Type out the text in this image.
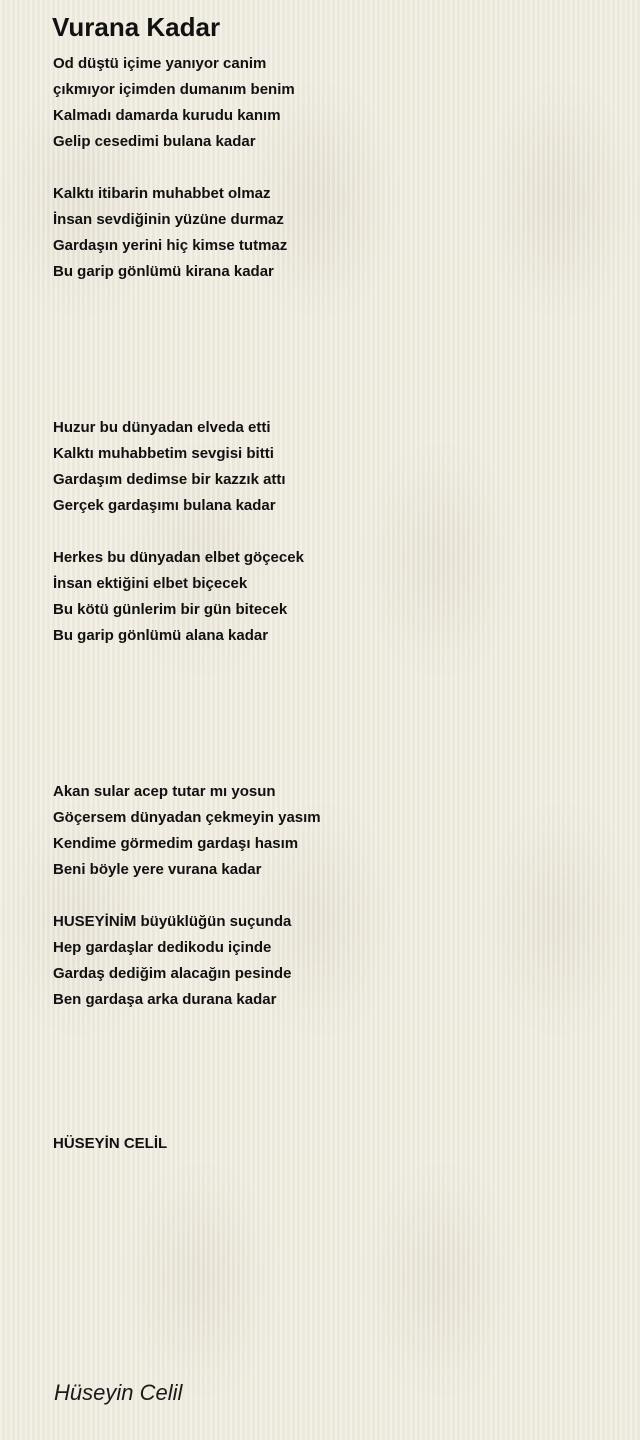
Vurana Kadar
Od düştü içime yanıyor canim
çıkmıyor içimden dumanım benim
Kalmadı damarda kurudu kanım
Gelip cesedimi bulana kadar
Kalktı itibarin muhabbet olmaz
İnsan sevdiğinin yüzüne durmaz
Gardaşın yerini hiç kimse tutmaz
Bu garip gönlümü kirana kadar
Huzur bu dünyadan elveda etti
Kalktı muhabbetim sevgisi bitti
Gardaşım dedimse bir kazzık attı
Gerçek gardaşımı bulana kadar
Herkes bu dünyadan elbet göçecek
İnsan ektiğini elbet biçecek
Bu kötü günlerim bir gün bitecek
Bu garip gönlümü alana kadar
Akan sular acep tutar mı yosun
Göçersem dünyadan çekmeyin yasım
Kendime görmedim gardaşı hasım
Beni böyle yere vurana kadar
HUSEYİNİM büyüklüğün suçunda
Hep gardaşlar dedikodu içinde
Gardaş dediğim alacağın pesinde
Ben gardaşa arka durana kadar
HÜSEYİN CELİL
Hüseyin Celil
